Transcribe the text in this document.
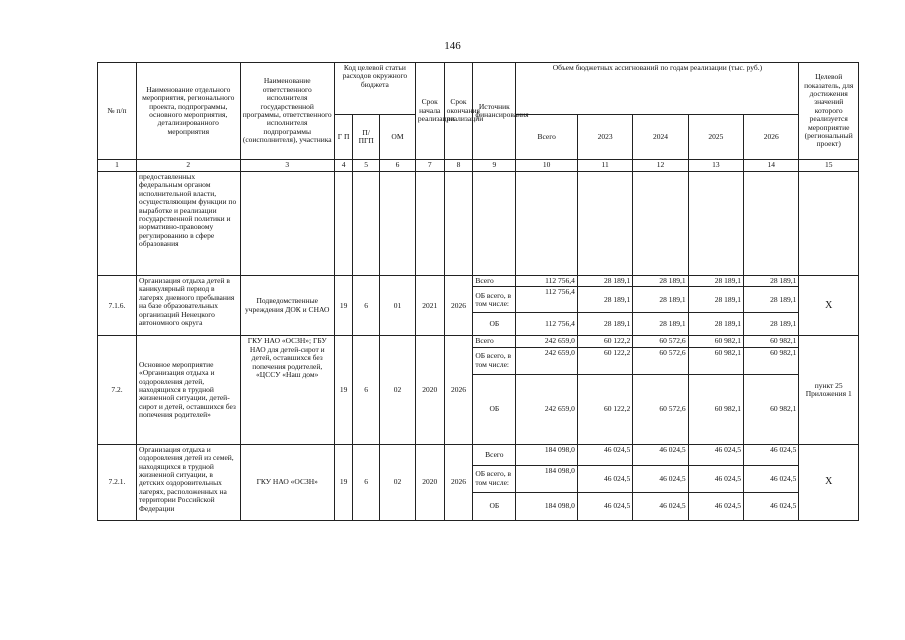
146
№ п/п	Наименование отдельного мероприятия, регионального проекта, подпрограммы, основного мероприятия, детализированного мероприятия	Наименование ответственного исполнителя государственной программы, ответственного исполнителя подпрограммы (соисполнителя), участника	Код целевой статьи расходов окружного бюджета			Срок начала реализации	Срок окончания реализации	Источник финансирования	Объем бюджетных ассигнований по годам реализации (тыс. руб.)					Целевой показатель, для достижения значений которого реализуется мероприятие (региональный проект)
			Г П	П/ ПГП	ОМ				Всего	2023	2024	2025	2026	
1	2	3	4	5	6	7	8	9	10	11	12	13	14	15
	предоставленных федеральным органом исполнительной власти, осуществляющим функции по выработке и реализации государственной политики и нормативно-правовому регулированию в сфере образования													
7.1.6.	Организация отдыха детей в каникулярный период в лагерях дневного пребывания на базе образовательных организаций Ненецкого автономного округа	Подведомственные учреждения ДОК и СНАО	19	6	01	2021	2026	Всего	112 756,4	28 189,1	28 189,1	28 189,1	28 189,1	Х
								ОБ всего, в том числе:	112 756,4	28 189,1	28 189,1	28 189,1	28 189,1	
								ОБ	112 756,4	28 189,1	28 189,1	28 189,1	28 189,1	
7.2.	Основное мероприятие «Организация отдыха и оздоровления детей, находящихся в трудной жизненной ситуации, детей-сирот и детей, оставшихся без попечения родителей»	ГКУ НАО «ОСЗН»; ГБУ НАО для детей-сирот и детей, оставшихся без попечения родителей, «ЦССУ «Наш дом»	19	6	02	2020	2026	Всего	242 659,0	60 122,2	60 572,6	60 982,1	60 982,1	пункт 25 Приложения 1
								ОБ всего, в том числе:	242 659,0	60 122,2	60 572,6	60 982,1	60 982,1	
								ОБ	242 659,0	60 122,2	60 572,6	60 982,1	60 982,1	
7.2.1.	Организация отдыха и оздоровления детей из семей, находящихся в трудной жизненной ситуации, в детских оздоровительных лагерях, расположенных на территории Российской Федерации	ГКУ НАО «ОСЗН»	19	6	02	2020	2026	Всего	184 098,0	46 024,5	46 024,5	46 024,5	46 024,5	Х
								ОБ всего, в том числе:	184 098,0	46 024,5	46 024,5	46 024,5	46 024,5	
								ОБ	184 098,0	46 024,5	46 024,5	46 024,5	46 024,5	
